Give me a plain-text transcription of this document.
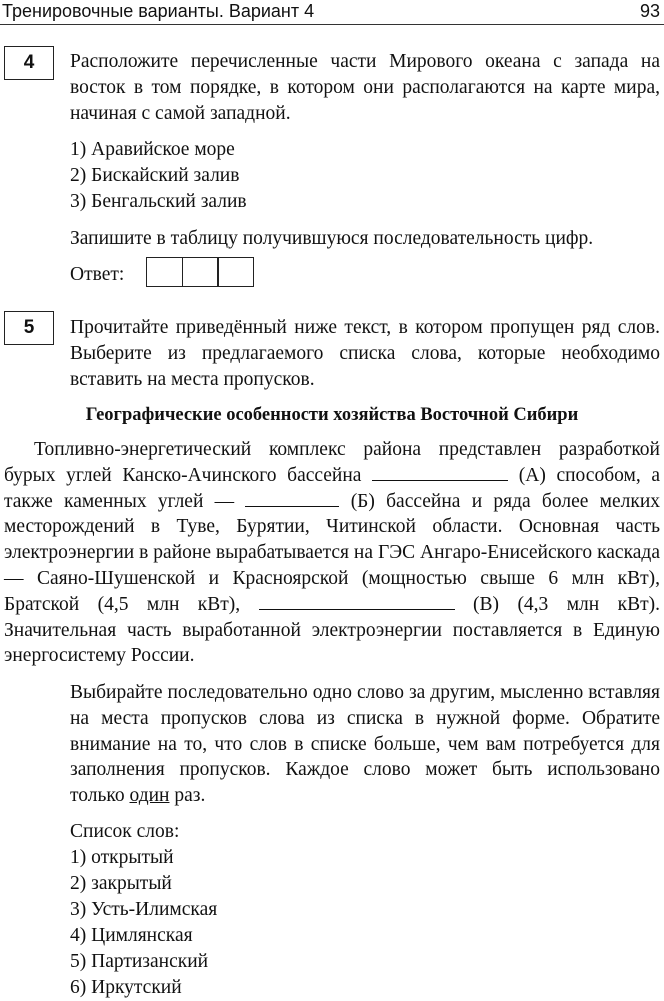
Тренировочные варианты. Вариант 4	93
4	Расположите перечисленные части Мирового океана с запада на восток в том порядке, в котором они располагаются на карте мира, начиная с самой западной.
1) Аравийское море
2) Бискайский залив
3) Бенгальский залив
Запишите в таблицу получившуюся последовательность цифр.
Ответ:
5	Прочитайте приведённый ниже текст, в котором пропущен ряд слов. Выберите из предлагаемого списка слова, которые необходимо вставить на места пропусков.
Географические особенности хозяйства Восточной Сибири
Топливно-энергетический комплекс района представлен разработкой бурых углей Канско-Ачинского бассейна	(А) способом, а также каменных углей —	(Б) бассейна и ряда более мелких месторождений в Туве, Бурятии, Читинской области. Основная часть электроэнергии в районе вырабатывается на ГЭС Ангаро-Енисейского каскада — Саяно-Шушенской и Красноярской (мощностью свыше 6 млн кВт), Братской (4,5 млн кВт),	(В) (4,3 млн кВт). Значительная часть выработанной электроэнергии поставляется в Единую энергосистему России.
Выбирайте последовательно одно слово за другим, мысленно вставляя на места пропусков слова из списка в нужной форме. Обратите внимание на то, что слов в списке больше, чем вам потребуется для заполнения пропусков. Каждое слово может быть использовано только один раз.
Список слов:
1) открытый
2) закрытый
3) Усть-Илимская
4) Цимлянская
5) Партизанский
6) Иркутский
